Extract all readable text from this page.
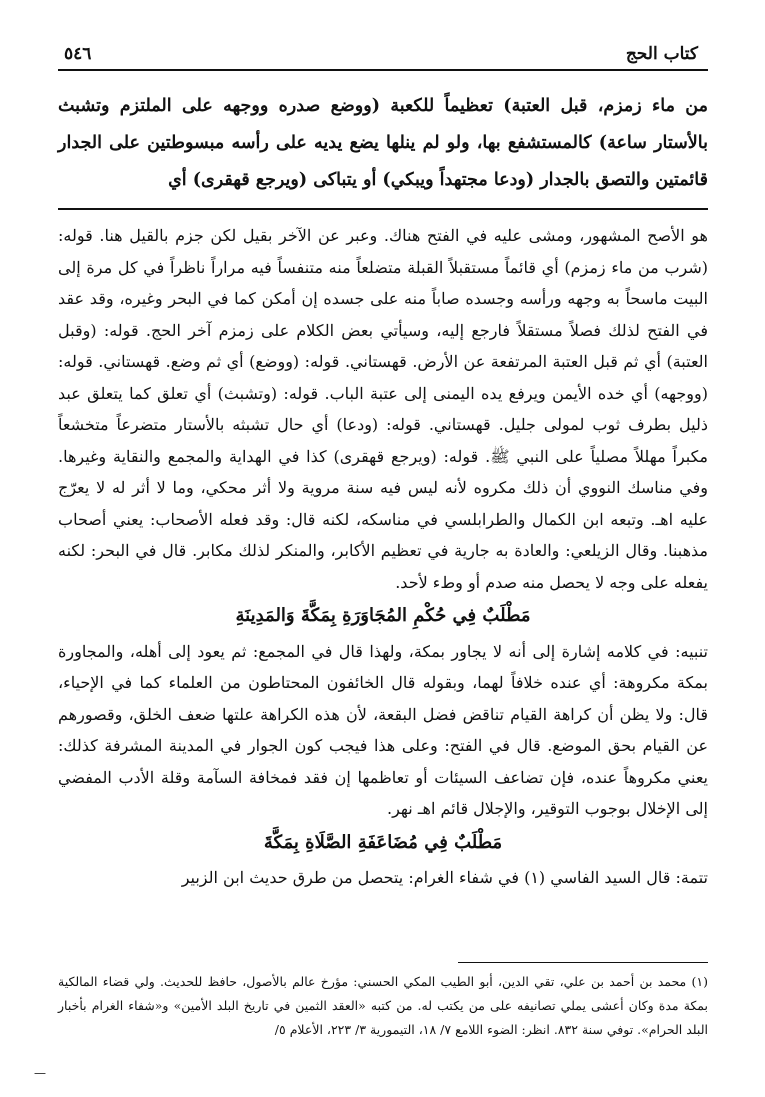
كتاب الحج
٥٤٦

من ماء زمزم، قبل العتبة) تعظيماً للكعبة (ووضع صدره ووجهه على الملتزم وتشبث بالأستار ساعة) كالمستشفع بها، ولو لم ينلها يضع يديه على رأسه مبسوطتين على الجدار قائمتين والتصق بالجدار (ودعا مجتهداً ويبكي) أو يتباكى (ويرجع قهقرى) أي

هو الأصح المشهور، ومشى عليه في الفتح هناك. وعبر عن الآخر بقيل لكن جزم بالقيل هنا. قوله: (شرب من ماء زمزم) أي قائماً مستقبلاً القبلة متضلعاً منه متنفساً فيه مراراً ناظراً في كل مرة إلى البيت ماسحاً به وجهه ورأسه وجسده صاباً منه على جسده إن أمكن كما في البحر وغيره، وقد عقد في الفتح لذلك فصلاً مستقلاً فارجع إليه، وسيأتي بعض الكلام على زمزم آخر الحج. قوله: (وقبل العتبة) أي ثم قبل العتبة المرتفعة عن الأرض. قهستاني. قوله: (ووضع) أي ثم وضع. قهستاني. قوله: (ووجهه) أي خده الأيمن ويرفع يده اليمنى إلى عتبة الباب. قوله: (وتشبث) أي تعلق كما يتعلق عبد ذليل بطرف ثوب لمولى جليل. قهستاني. قوله: (ودعا) أي حال تشبثه بالأستار متضرعاً متخشعاً مكبراً مهللاً مصلياً على النبي ﷺ. قوله: (ويرجع قهقرى) كذا في الهداية والمجمع والنقاية وغيرها. وفي مناسك النووي أن ذلك مكروه لأنه ليس فيه سنة مروية ولا أثر محكي، وما لا أثر له لا يعرّج عليه اهـ. وتبعه ابن الكمال والطرابلسي في مناسكه، لكنه قال: وقد فعله الأصحاب: يعني أصحاب مذهبنا. وقال الزيلعي: والعادة به جارية في تعظيم الأكابر، والمنكر لذلك مكابر. قال في البحر: لكنه يفعله على وجه لا يحصل منه صدم أو وطء لأحد.

مَطْلَبٌ فِي حُكْمِ المُجَاوَرَةِ بِمَكَّةَ وَالمَدِينَةِ

تنبيه: في كلامه إشارة إلى أنه لا يجاور بمكة، ولهذا قال في المجمع: ثم يعود إلى أهله، والمجاورة بمكة مكروهة: أي عنده خلافاً لهما، وبقوله قال الخائفون المحتاطون من العلماء كما في الإحياء، قال: ولا يظن أن كراهة القيام تناقض فضل البقعة، لأن هذه الكراهة علتها ضعف الخلق، وقصورهم عن القيام بحق الموضع. قال في الفتح: وعلى هذا فيجب كون الجوار في المدينة المشرفة كذلك: يعني مكروهاً عنده، فإن تضاعف السيئات أو تعاظمها إن فقد فمخافة السآمة وقلة الأدب المفضي إلى الإخلال بوجوب التوقير، والإجلال قائم اهـ نهر.

مَطْلَبٌ فِي مُضَاعَفَةِ الصَّلَاةِ بِمَكَّةَ

تتمة: قال السيد الفاسي (١) في شفاء الغرام: يتحصل من طرق حديث ابن الزبير

(١) محمد بن أحمد بن علي، تقي الدين، أبو الطيب المكي الحسني: مؤرخ عالم بالأصول، حافظ للحديث. ولي قضاء المالكية بمكة مدة وكان أعشى يملي تصانيفه على من يكتب له. من كتبه «العقد الثمين في تاريخ البلد الأمين» و«شفاء الغرام بأخبار البلد الحرام». توفي سنة ٨٣٢. انظر: الضوء اللامع ٧/ ١٨، التيمورية ٣/ ٢٢٣، الأعلام ٥/

—
